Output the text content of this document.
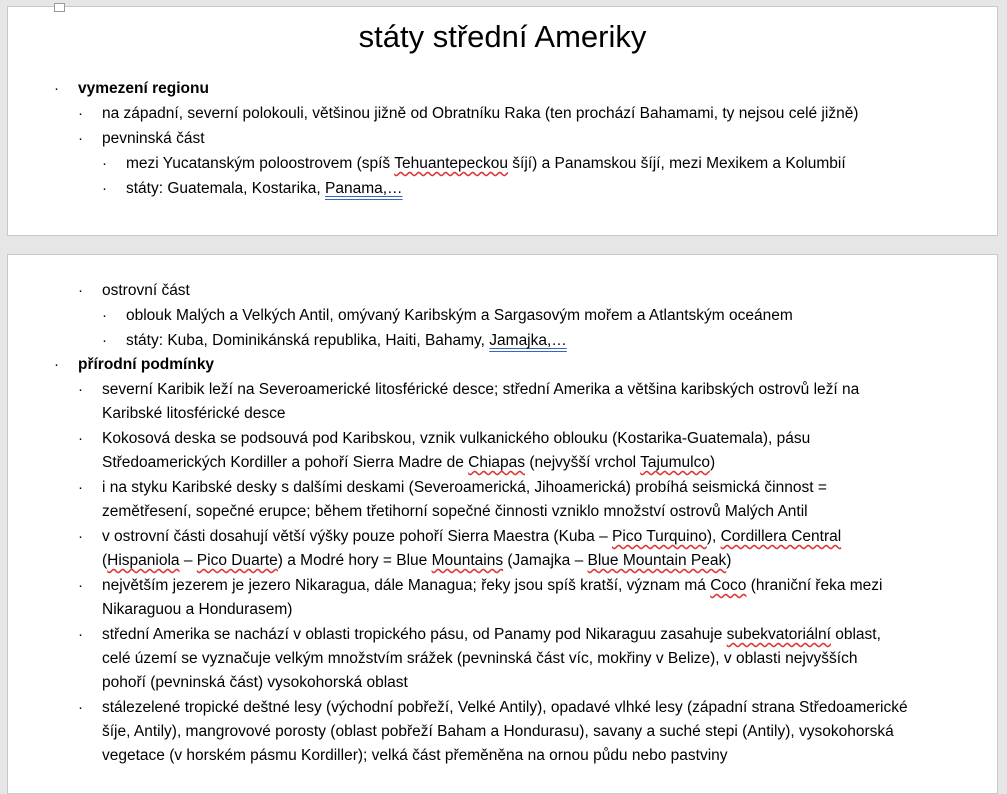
státy střední Ameriky
· vymezení regionu
· na západní, severní polokouli, většinou jižně od Obratníku Raka (ten prochází Bahamami, ty nejsou celé jižně)
· pevninská část
· mezi Yucatanským poloostrovem (spíš Tehuantepeckou šíjí) a Panamskou šíjí, mezi Mexikem a Kolumbií
· státy: Guatemala, Kostarika, Panama,…
· ostrovní část
· oblouk Malých a Velkých Antil, omývaný Karibským a Sargasovým mořem a Atlantským oceánem
· státy: Kuba, Dominikánská republika, Haiti, Bahamy, Jamajka,…
· přírodní podmínky
· severní Karibik leží na Severoamerické litosférické desce; střední Amerika a většina karibských ostrovů leží na
Karibské litosférické desce
· Kokosová deska se podsouvá pod Karibskou, vznik vulkanického oblouku (Kostarika-Guatemala), pásu
Středoamerických Kordiller a pohoří Sierra Madre de Chiapas (nejvyšší vrchol Tajumulco)
· i na styku Karibské desky s dalšími deskami (Severoamerická, Jihoamerická) probíhá seismická činnost =
zemětřesení, sopečné erupce; během třetihorní sopečné činnosti vzniklo množství ostrovů Malých Antil
· v ostrovní části dosahují větší výšky pouze pohoří Sierra Maestra (Kuba – Pico Turquino), Cordillera Central
(Hispaniola – Pico Duarte) a Modré hory = Blue Mountains (Jamajka – Blue Mountain Peak)
· největším jezerem je jezero Nikaragua, dále Managua; řeky jsou spíš kratší, význam má Coco (hraniční řeka mezi
Nikaraguou a Hondurasem)
· střední Amerika se nachází v oblasti tropického pásu, od Panamy pod Nikaraguu zasahuje subekvatoriální oblast,
celé území se vyznačuje velkým množstvím srážek (pevninská část víc, mokřiny v Belize), v oblasti nejvyšších
pohoří (pevninská část) vysokohorská oblast
· stálezelené tropické deštné lesy (východní pobřeží, Velké Antily), opadavé vlhké lesy (západní strana Středoamerické
šíje, Antily), mangrovové porosty (oblast pobřeží Baham a Hondurasu), savany a suché stepi (Antily), vysokohorská
vegetace (v horském pásmu Kordiller); velká část přeměněna na ornou půdu nebo pastviny
